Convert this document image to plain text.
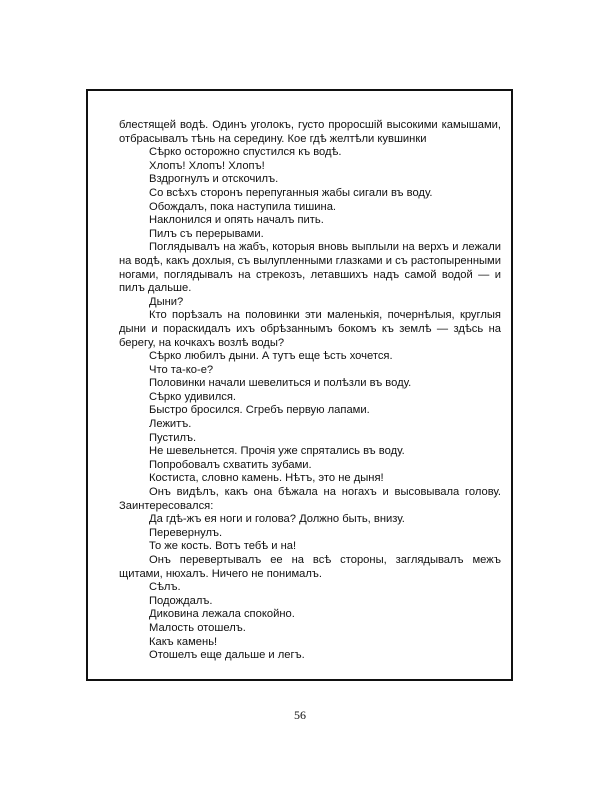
блестящей водѣ. Одинъ уголокъ, густо проросшій высокими камышами, отбрасывалъ тѣнь на середину. Кое гдѣ желтѣли кувшинки

Сѣрко осторожно спустился къ водѣ.

Хлопъ! Хлопъ! Хлопъ!

Вздрогнулъ и отскочилъ.

Со всѣхъ сторонъ перепуганныя жабы сигали въ воду.

Обождалъ, пока наступила тишина.

Наклонился и опять началъ пить.

Пилъ съ перерывами.

Поглядывалъ на жабъ, которыя вновь выплыли на верхъ и лежали на водѣ, какъ дохлыя, съ вылупленными глазками и съ растопыренными ногами, поглядывалъ на стрекозъ, летавшихъ надъ самой водой — и пилъ дальше.

Дыни?

Кто порѣзалъ на половинки эти маленькія, почернѣлыя, круглыя дыни и пораскидалъ ихъ обрѣзаннымъ бокомъ къ землѣ — здѣсь на берегу, на кочкахъ возлѣ воды?

Сѣрко любилъ дыни. А тутъ еще ѣсть хочется.

Что та-ко-е?

Половинки начали шевелиться и полѣзли въ воду.

Сѣрко удивился.

Быстро бросился. Сгребъ первую лапами.

Лежитъ.

Пустилъ.

Не шевельнется. Прочія уже спрятались въ воду.

Попробовалъ схватить зубами.

Костиста, словно камень. Нѣтъ, это не дыня!

Онъ видѣлъ, какъ она бѣжала на ногахъ и высовывала голову. Заинтересовался:

Да гдѣ-жъ ея ноги и голова? Должно быть, внизу.

Перевернулъ.

То же кость. Вотъ тебѣ и на!

Онъ перевертывалъ ее на всѣ стороны, заглядывалъ межъ щитами, нюхалъ. Ничего не понималъ.

Сѣлъ.

Подождалъ.

Диковина лежала спокойно.

Малость отошелъ.

Какъ камень!

Отошелъ еще дальше и легъ.

56
